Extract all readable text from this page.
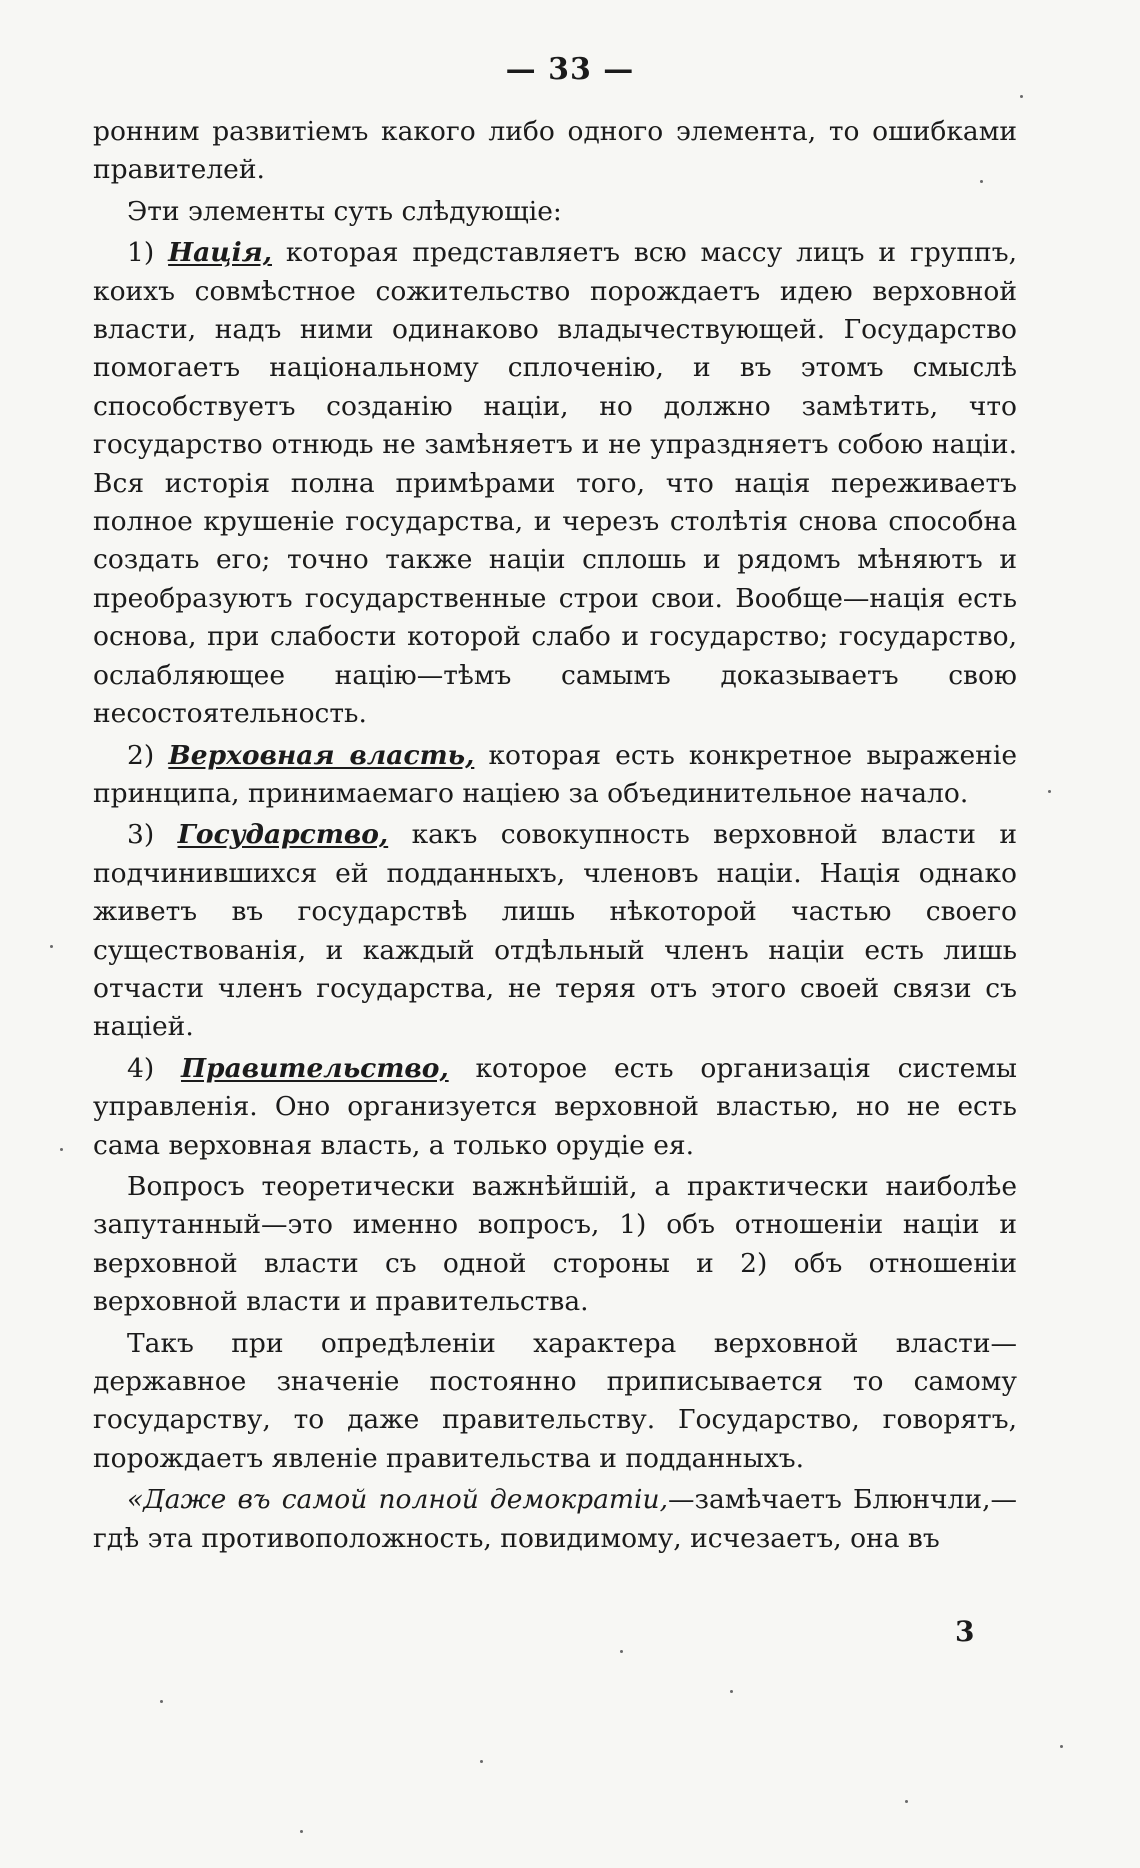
— 33 —

ронним развитіемъ какого либо одного элемента, то ошибками правителей.

Эти элементы суть слѣдующіе:

1) Нація, которая представляетъ всю массу лицъ и группъ, коихъ совмѣстное сожительство порождаетъ идею верховной власти, надъ ними одинаково владычествующей. Государство помогаетъ національному сплоченію, и въ этомъ смыслѣ способствуетъ созданію націи, но должно замѣтить, что государство отнюдь не замѣняетъ и не упраздняетъ собою націи. Вся исторія полна примѣрами того, что нація переживаетъ полное крушеніе государства, и черезъ столѣтія снова способна создать его; точно также націи сплошь и рядомъ мѣняютъ и преобразуютъ государственные строи свои. Вообще—нація есть основа, при слабости которой слабо и государство; государство, ослабляющее націю—тѣмъ самымъ доказываетъ свою несостоятельность.

2) Верховная власть, которая есть конкретное выраженіе принципа, принимаемаго націею за объединительное начало.

3) Государство, какъ совокупность верховной власти и подчинившихся ей подданныхъ, членовъ націи. Нація однако живетъ въ государствѣ лишь нѣкоторой частью своего существованія, и каждый отдѣльный членъ націи есть лишь отчасти членъ государства, не теряя отъ этого своей связи съ націей.

4) Правительство, которое есть организація системы управленія. Оно организуется верховной властью, но не есть сама верховная власть, а только орудіе ея.

Вопросъ теоретически важнѣйшій, а практически наиболѣе запутанный—это именно вопросъ, 1) объ отношеніи націи и верховной власти съ одной стороны и 2) объ отношеніи верховной власти и правительства.

Такъ при опредѣленіи характера верховной власти—державное значеніе постоянно приписывается то самому государству, то даже правительству. Государство, говорятъ, порождаетъ явленіе правительства и подданныхъ.

«Даже въ самой полной демократіи,—замѣчаетъ Блюнчли,—гдѣ эта противоположность, повидимому, исчезаетъ, она въ

3
